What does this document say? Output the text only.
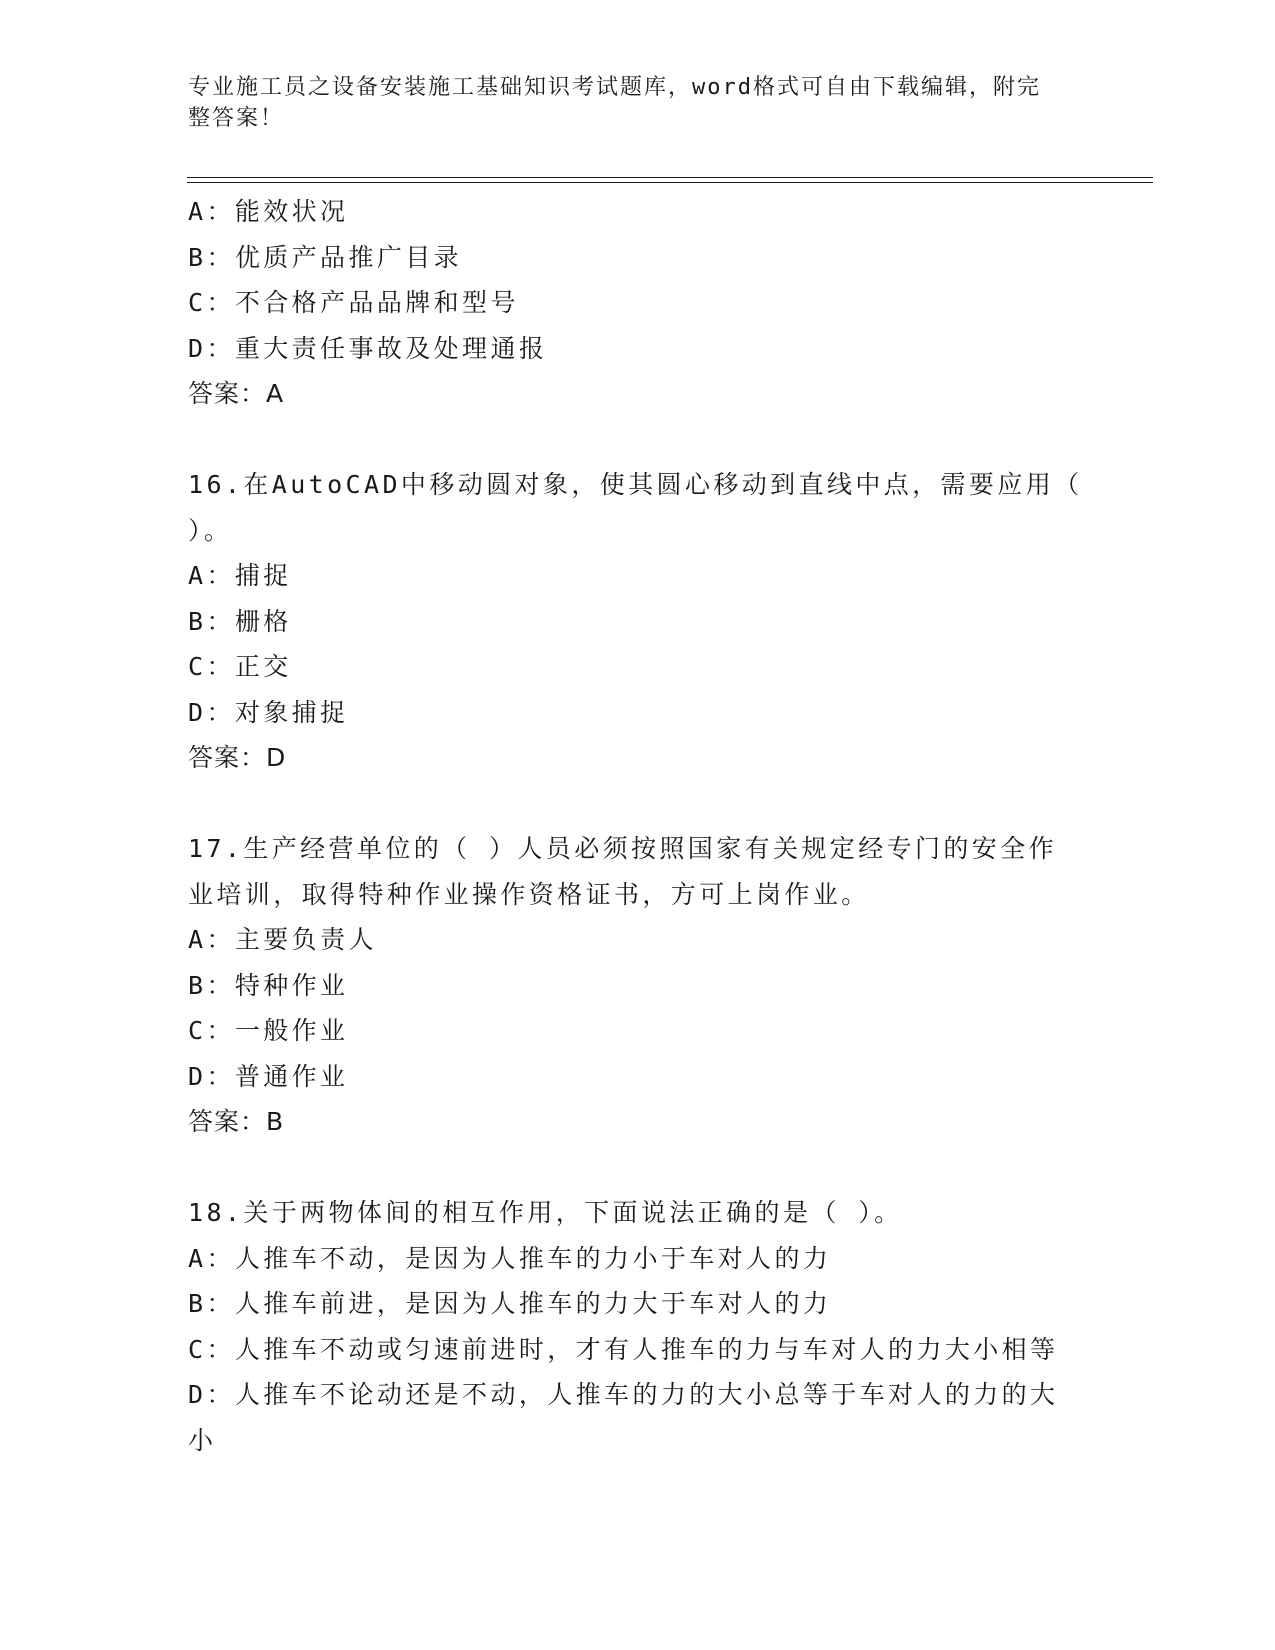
专业施工员之设备安装施工基础知识考试题库，word格式可自由下载编辑，附完
整答案！
A：能效状况
B：优质产品推广目录
C：不合格产品品牌和型号
D：重大责任事故及处理通报
答案：A
16.在AutoCAD中移动圆对象，使其圆心移动到直线中点，需要应用（
）。
A：捕捉
B：栅格
C：正交
D：对象捕捉
答案：D
17.生产经营单位的（ ）人员必须按照国家有关规定经专门的安全作
业培训，取得特种作业操作资格证书，方可上岗作业。
A：主要负责人
B：特种作业
C：一般作业
D：普通作业
答案：B
18.关于两物体间的相互作用，下面说法正确的是（ ）。
A：人推车不动，是因为人推车的力小于车对人的力
B：人推车前进，是因为人推车的力大于车对人的力
C：人推车不动或匀速前进时，才有人推车的力与车对人的力大小相等
D：人推车不论动还是不动，人推车的力的大小总等于车对人的力的大
小
